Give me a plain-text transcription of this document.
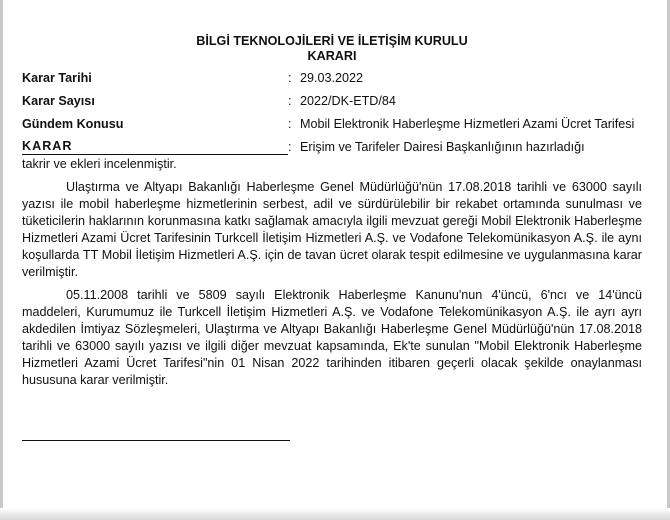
BİLGİ TEKNOLOJİLERİ VE İLETİŞİM KURULU
KARARI
Karar Tarihi	: 29.03.2022
Karar Sayısı	: 2022/DK-ETD/84
Gündem Konusu	: Mobil Elektronik Haberleşme Hizmetleri Azami Ücret Tarifesi
KARAR	: Erişim ve Tarifeler Dairesi Başkanlığının hazırladığı
takrir ve ekleri incelenmiştir.

Ulaştırma ve Altyapı Bakanlığı Haberleşme Genel Müdürlüğü'nün 17.08.2018 tarihli ve 63000 sayılı yazısı ile mobil haberleşme hizmetlerinin serbest, adil ve sürdürülebilir bir rekabet ortamında sunulması ve tüketicilerin haklarının korunmasına katkı sağlamak amacıyla ilgili mevzuat gereği Mobil Elektronik Haberleşme Hizmetleri Azami Ücret Tarifesinin Turkcell İletişim Hizmetleri A.Ş. ve Vodafone Telekomünikasyon A.Ş. ile aynı koşullarda TT Mobil İletişim Hizmetleri A.Ş. için de tavan ücret olarak tespit edilmesine ve uygulanmasına karar verilmiştir.

05.11.2008 tarihli ve 5809 sayılı Elektronik Haberleşme Kanunu'nun 4'üncü, 6'ncı ve 14'üncü maddeleri, Kurumumuz ile Turkcell İletişim Hizmetleri A.Ş. ve Vodafone Telekomünikasyon A.Ş. ile ayrı ayrı akdedilen İmtiyaz Sözleşmeleri, Ulaştırma ve Altyapı Bakanlığı Haberleşme Genel Müdürlüğü'nün 17.08.2018 tarihli ve 63000 sayılı yazısı ve ilgili diğer mevzuat kapsamında, Ek'te sunulan "Mobil Elektronik Haberleşme Hizmetleri Azami Ücret Tarifesi"nin 01 Nisan 2022 tarihinden itibaren geçerli olacak şekilde onaylanması hususuna karar verilmiştir.
